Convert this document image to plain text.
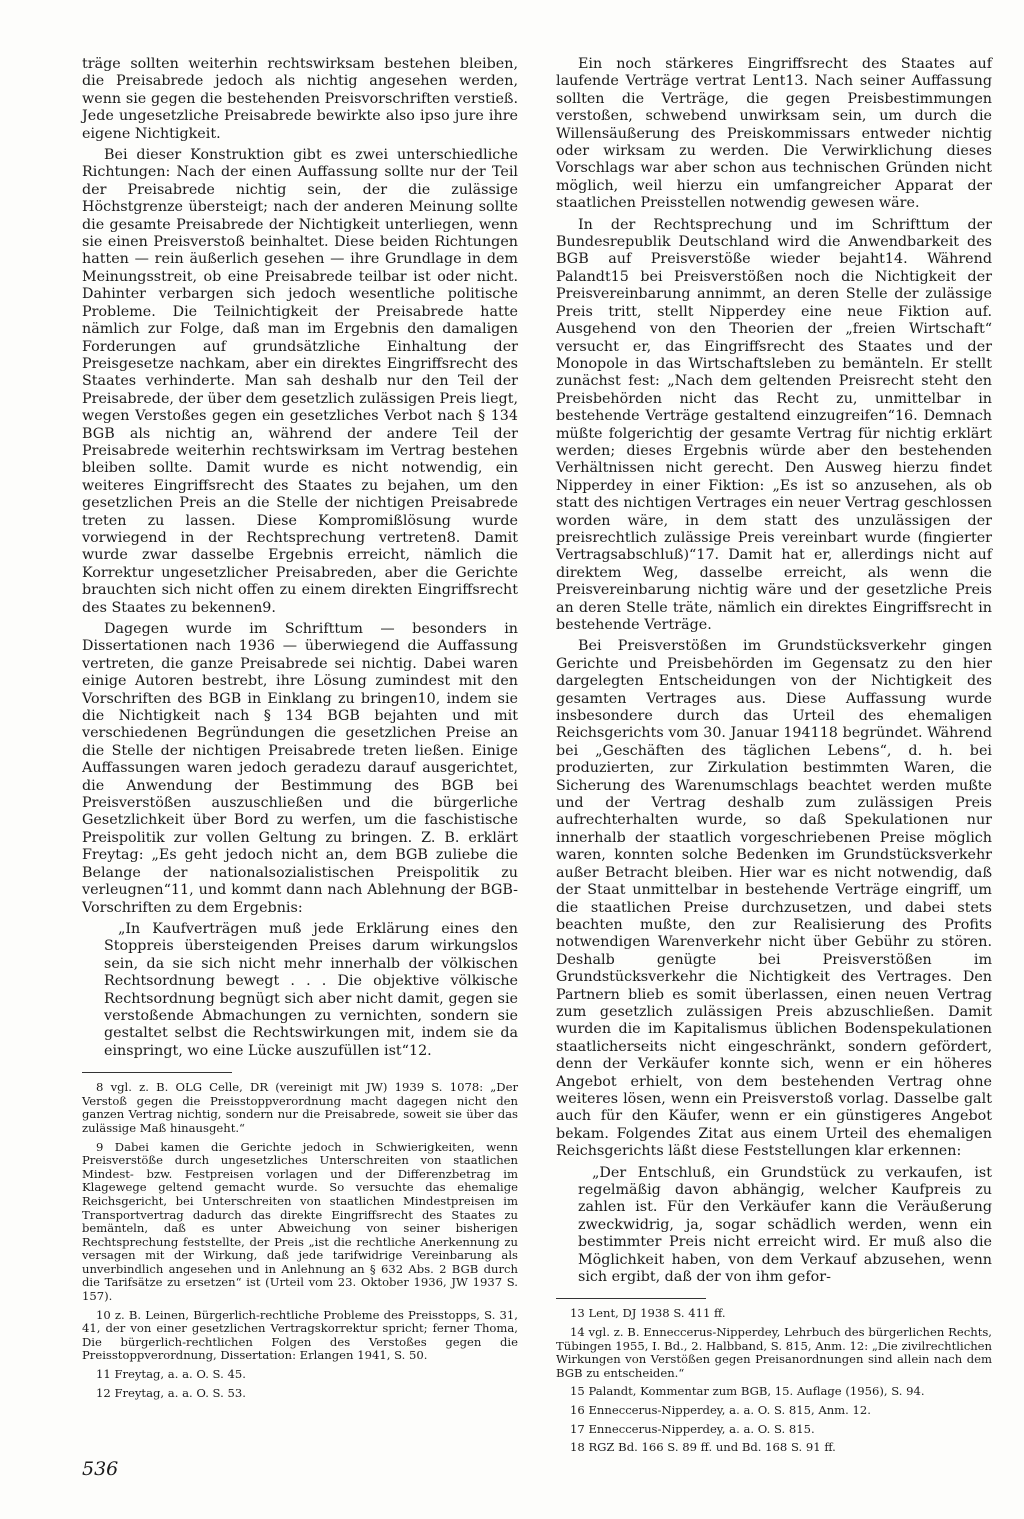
träge sollten weiterhin rechtswirksam bestehen bleiben, die Preisabrede jedoch als nichtig angesehen werden, wenn sie gegen die bestehenden Preisvorschriften verstieß. Jede ungesetzliche Preisabrede bewirkte also ipso jure ihre eigene Nichtigkeit.

Bei dieser Konstruktion gibt es zwei unterschiedliche Richtungen: Nach der einen Auffassung sollte nur der Teil der Preisabrede nichtig sein, der die zulässige Höchstgrenze übersteigt; nach der anderen Meinung sollte die gesamte Preisabrede der Nichtigkeit unterliegen, wenn sie einen Preisverstoß beinhaltet. Diese beiden Richtungen hatten — rein äußerlich gesehen — ihre Grundlage in dem Meinungsstreit, ob eine Preisabrede teilbar ist oder nicht. Dahinter verbargen sich jedoch wesentliche politische Probleme. Die Teilnichtigkeit der Preisabrede hatte nämlich zur Folge, daß man im Ergebnis den damaligen Forderungen auf grundsätzliche Einhaltung der Preisgesetze nachkam, aber ein direktes Eingriffsrecht des Staates verhinderte. Man sah deshalb nur den Teil der Preisabrede, der über dem gesetzlich zulässigen Preis liegt, wegen Verstoßes gegen ein gesetzliches Verbot nach § 134 BGB als nichtig an, während der andere Teil der Preisabrede weiterhin rechtswirksam im Vertrag bestehen bleiben sollte. Damit wurde es nicht notwendig, ein weiteres Eingriffsrecht des Staates zu bejahen, um den gesetzlichen Preis an die Stelle der nichtigen Preisabrede treten zu lassen. Diese Kompromißlösung wurde vorwiegend in der Rechtsprechung vertreten8. Damit wurde zwar dasselbe Ergebnis erreicht, nämlich die Korrektur ungesetzlicher Preisabreden, aber die Gerichte brauchten sich nicht offen zu einem direkten Eingriffsrecht des Staates zu bekennen9.

Dagegen wurde im Schrifttum — besonders in Dissertationen nach 1936 — überwiegend die Auffassung vertreten, die ganze Preisabrede sei nichtig. Dabei waren einige Autoren bestrebt, ihre Lösung zumindest mit den Vorschriften des BGB in Einklang zu bringen10, indem sie die Nichtigkeit nach § 134 BGB bejahten und mit verschiedenen Begründungen die gesetzlichen Preise an die Stelle der nichtigen Preisabrede treten ließen. Einige Auffassungen waren jedoch geradezu darauf ausgerichtet, die Anwendung der Bestimmung des BGB bei Preisverstößen auszuschließen und die bürgerliche Gesetzlichkeit über Bord zu werfen, um die faschistische Preispolitik zur vollen Geltung zu bringen. Z. B. erklärt Freytag: „Es geht jedoch nicht an, dem BGB zuliebe die Belange der nationalsozialistischen Preispolitik zu verleugnen“11, und kommt dann nach Ablehnung der BGB-Vorschriften zu dem Ergebnis:

„In Kaufverträgen muß jede Erklärung eines den Stoppreis übersteigenden Preises darum wirkungslos sein, da sie sich nicht mehr innerhalb der völkischen Rechtsordnung bewegt . . . Die objektive völkische Rechtsordnung begnügt sich aber nicht damit, gegen sie verstoßende Abmachungen zu vernichten, sondern sie gestaltet selbst die Rechtswirkungen mit, indem sie da einspringt, wo eine Lücke auszufüllen ist“12.

8 vgl. z. B. OLG Celle, DR (vereinigt mit JW) 1939 S. 1078: „Der Verstoß gegen die Preisstoppverordnung macht dagegen nicht den ganzen Vertrag nichtig, sondern nur die Preisabrede, soweit sie über das zulässige Maß hinausgeht.“

9 Dabei kamen die Gerichte jedoch in Schwierigkeiten, wenn Preisverstöße durch ungesetzliches Unterschreiten von staatlichen Mindest- bzw. Festpreisen vorlagen und der Differenzbetrag im Klagewege geltend gemacht wurde. So versuchte das ehemalige Reichsgericht, bei Unterschreiten von staatlichen Mindestpreisen im Transportvertrag dadurch das direkte Eingriffsrecht des Staates zu bemänteln, daß es unter Abweichung von seiner bisherigen Rechtsprechung feststellte, der Preis „ist die rechtliche Anerkennung zu versagen mit der Wirkung, daß jede tarifwidrige Vereinbarung als unverbindlich angesehen und in Anlehnung an § 632 Abs. 2 BGB durch die Tarifsätze zu ersetzen“ ist (Urteil vom 23. Oktober 1936, JW 1937 S. 157).

10 z. B. Leinen, Bürgerlich-rechtliche Probleme des Preisstopps, S. 31, 41, der von einer gesetzlichen Vertragskorrektur spricht; ferner Thoma, Die bürgerlich-rechtlichen Folgen des Verstoßes gegen die Preisstoppverordnung, Dissertation: Erlangen 1941, S. 50.

11 Freytag, a. a. O. S. 45.

12 Freytag, a. a. O. S. 53.

Ein noch stärkeres Eingriffsrecht des Staates auf laufende Verträge vertrat Lent13. Nach seiner Auffassung sollten die Verträge, die gegen Preisbestimmungen verstoßen, schwebend unwirksam sein, um durch die Willensäußerung des Preiskommissars entweder nichtig oder wirksam zu werden. Die Verwirklichung dieses Vorschlags war aber schon aus technischen Gründen nicht möglich, weil hierzu ein umfangreicher Apparat der staatlichen Preisstellen notwendig gewesen wäre.

In der Rechtsprechung und im Schrifttum der Bundesrepublik Deutschland wird die Anwendbarkeit des BGB auf Preisverstöße wieder bejaht14. Während Palandt15 bei Preisverstößen noch die Nichtigkeit der Preisvereinbarung annimmt, an deren Stelle der zulässige Preis tritt, stellt Nipperdey eine neue Fiktion auf. Ausgehend von den Theorien der „freien Wirtschaft“ versucht er, das Eingriffsrecht des Staates und der Monopole in das Wirtschaftsleben zu bemänteln. Er stellt zunächst fest: „Nach dem geltenden Preisrecht steht den Preisbehörden nicht das Recht zu, unmittelbar in bestehende Verträge gestaltend einzugreifen“16. Demnach müßte folgerichtig der gesamte Vertrag für nichtig erklärt werden; dieses Ergebnis würde aber den bestehenden Verhältnissen nicht gerecht. Den Ausweg hierzu findet Nipperdey in einer Fiktion: „Es ist so anzusehen, als ob statt des nichtigen Vertrages ein neuer Vertrag geschlossen worden wäre, in dem statt des unzulässigen der preisrechtlich zulässige Preis vereinbart wurde (fingierter Vertragsabschluß)“17. Damit hat er, allerdings nicht auf direktem Weg, dasselbe erreicht, als wenn die Preisvereinbarung nichtig wäre und der gesetzliche Preis an deren Stelle träte, nämlich ein direktes Eingriffsrecht in bestehende Verträge.

Bei Preisverstößen im Grundstücksverkehr gingen Gerichte und Preisbehörden im Gegensatz zu den hier dargelegten Entscheidungen von der Nichtigkeit des gesamten Vertrages aus. Diese Auffassung wurde insbesondere durch das Urteil des ehemaligen Reichsgerichts vom 30. Januar 194118 begründet. Während bei „Geschäften des täglichen Lebens“, d. h. bei produzierten, zur Zirkulation bestimmten Waren, die Sicherung des Warenumschlags beachtet werden mußte und der Vertrag deshalb zum zulässigen Preis aufrechterhalten wurde, so daß Spekulationen nur innerhalb der staatlich vorgeschriebenen Preise möglich waren, konnten solche Bedenken im Grundstücksverkehr außer Betracht bleiben. Hier war es nicht notwendig, daß der Staat unmittelbar in bestehende Verträge eingriff, um die staatlichen Preise durchzusetzen, und dabei stets beachten mußte, den zur Realisierung des Profits notwendigen Warenverkehr nicht über Gebühr zu stören. Deshalb genügte bei Preisverstößen im Grundstücksverkehr die Nichtigkeit des Vertrages. Den Partnern blieb es somit überlassen, einen neuen Vertrag zum gesetzlich zulässigen Preis abzuschließen. Damit wurden die im Kapitalismus üblichen Bodenspekulationen staatlicherseits nicht eingeschränkt, sondern gefördert, denn der Verkäufer konnte sich, wenn er ein höheres Angebot erhielt, von dem bestehenden Vertrag ohne weiteres lösen, wenn ein Preisverstoß vorlag. Dasselbe galt auch für den Käufer, wenn er ein günstigeres Angebot bekam. Folgendes Zitat aus einem Urteil des ehemaligen Reichsgerichts läßt diese Feststellungen klar erkennen:

„Der Entschluß, ein Grundstück zu verkaufen, ist regelmäßig davon abhängig, welcher Kaufpreis zu zahlen ist. Für den Verkäufer kann die Veräußerung zweckwidrig, ja, sogar schädlich werden, wenn ein bestimmter Preis nicht erreicht wird. Er muß also die Möglichkeit haben, von dem Verkauf abzusehen, wenn sich ergibt, daß der von ihm gefor-

13 Lent, DJ 1938 S. 411 ff.

14 vgl. z. B. Enneccerus-Nipperdey, Lehrbuch des bürgerlichen Rechts, Tübingen 1955, I. Bd., 2. Halbband, S. 815, Anm. 12: „Die zivilrechtlichen Wirkungen von Verstößen gegen Preisanordnungen sind allein nach dem BGB zu entscheiden.“

15 Palandt, Kommentar zum BGB, 15. Auflage (1956), S. 94.

16 Enneccerus-Nipperdey, a. a. O. S. 815, Anm. 12.

17 Enneccerus-Nipperdey, a. a. O. S. 815.

18 RGZ Bd. 166 S. 89 ff. und Bd. 168 S. 91 ff.

536
